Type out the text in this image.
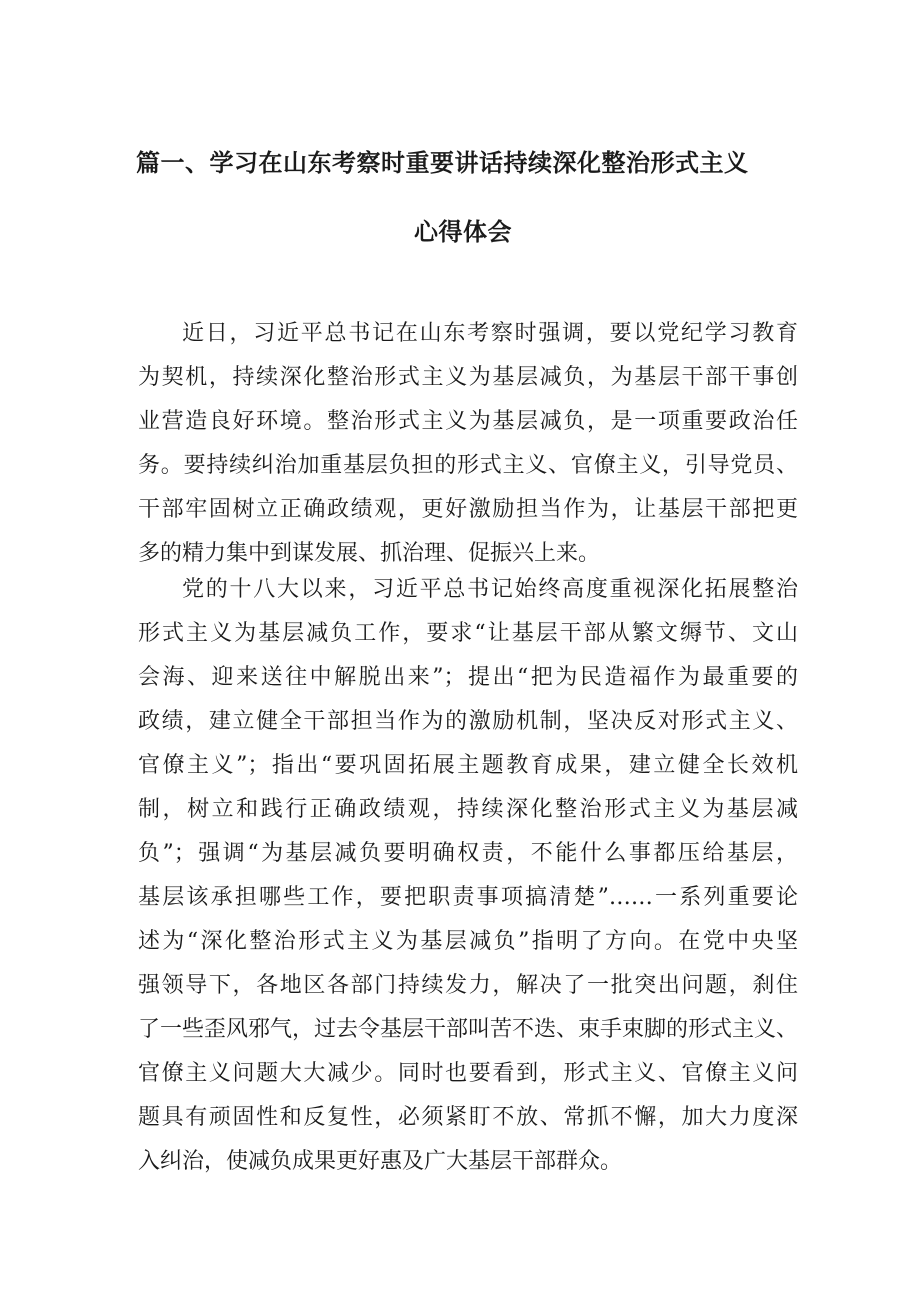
篇一、学习在山东考察时重要讲话持续深化整治形式主义
心得体会
近日，习近平总书记在山东考察时强调，要以党纪学习教育
为契机，持续深化整治形式主义为基层减负，为基层干部干事创
业营造良好环境。整治形式主义为基层减负，是一项重要政治任
务。要持续纠治加重基层负担的形式主义、官僚主义，引导党员、
干部牢固树立正确政绩观，更好激励担当作为，让基层干部把更
多的精力集中到谋发展、抓治理、促振兴上来。
党的十八大以来，习近平总书记始终高度重视深化拓展整治
形式主义为基层减负工作，要求“让基层干部从繁文缛节、文山
会海、迎来送往中解脱出来”；提出“把为民造福作为最重要的
政绩，建立健全干部担当作为的激励机制，坚决反对形式主义、
官僚主义”；指出“要巩固拓展主题教育成果，建立健全长效机
制，树立和践行正确政绩观，持续深化整治形式主义为基层减
负”；强调“为基层减负要明确权责，不能什么事都压给基层，
基层该承担哪些工作，要把职责事项搞清楚”……一系列重要论
述为“深化整治形式主义为基层减负”指明了方向。在党中央坚
强领导下，各地区各部门持续发力，解决了一批突出问题，刹住
了一些歪风邪气，过去令基层干部叫苦不迭、束手束脚的形式主义、
官僚主义问题大大减少。同时也要看到，形式主义、官僚主义问
题具有顽固性和反复性，必须紧盯不放、常抓不懈，加大力度深
入纠治，使减负成果更好惠及广大基层干部群众。
